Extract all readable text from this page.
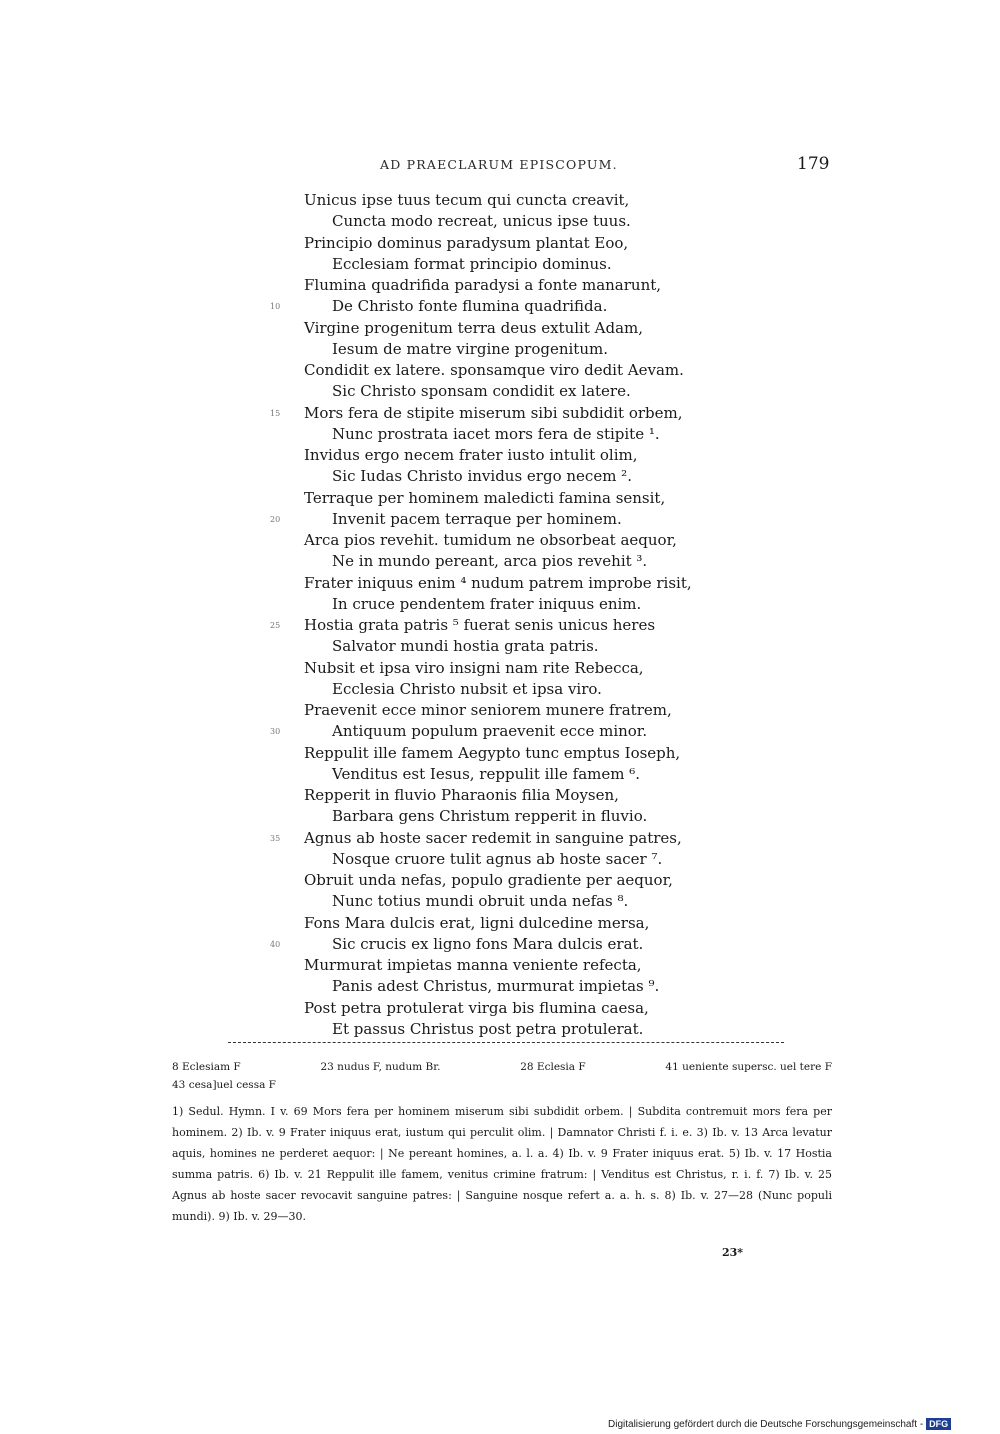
AD PRAECLARUM EPISCOPUM.	179
Unicus ipse tuus tecum qui cuncta creavit,
Cuncta modo recreat, unicus ipse tuus.
Principio dominus paradysum plantat Eoo,
Ecclesiam format principio dominus.
Flumina quadrifida paradysi a fonte manarunt,
10	De Christo fonte flumina quadrifida.
Virgine progenitum terra deus extulit Adam,
Iesum de matre virgine progenitum.
Condidit ex latere. sponsamque viro dedit Aevam.
Sic Christo sponsam condidit ex latere.
15 Mors fera de stipite miserum sibi subdidit orbem,
Nunc prostrata iacet mors fera de stipite ¹.
Invidus ergo necem frater iusto intulit olim,
Sic Iudas Christo invidus ergo necem ².
Terraque per hominem maledicti famina sensit,
20	Invenit pacem terraque per hominem.
Arca pios revehit. tumidum ne obsorbeat aequor,
Ne in mundo pereant, arca pios revehit ³.
Frater iniquus enim ⁴ nudum patrem improbe risit,
In cruce pendentem frater iniquus enim.
25 Hostia grata patris ⁵ fuerat senis unicus heres
Salvator mundi hostia grata patris.
Nubsit et ipsa viro insigni nam rite Rebecca,
Ecclesia Christo nubsit et ipsa viro.
Praevenit ecce minor seniorem munere fratrem,
30	Antiquum populum praevenit ecce minor.
Reppulit ille famem Aegypto tunc emptus Ioseph,
Venditus est Iesus, reppulit ille famem ⁶.
Repperit in fluvio Pharaonis filia Moysen,
Barbara gens Christum repperit in fluvio.
35 Agnus ab hoste sacer redemit in sanguine patres,
Nosque cruore tulit agnus ab hoste sacer ⁷.
Obruit unda nefas, populo gradiente per aequor,
Nunc totius mundi obruit unda nefas ⁸.
Fons Mara dulcis erat, ligni dulcedine mersa,
40	Sic crucis ex ligno fons Mara dulcis erat.
Murmurat impietas manna veniente refecta,
Panis adest Christus, murmurat impietas ⁹.
Post petra protulerat virga bis flumina caesa,
Et passus Christus post petra protulerat.
8 Eclesiam F	23 nudus F, nudum Br.	28 Eclesia F	41 ueniente supersc. uel tere F
43 cesa]uel cessa F

1) Sedul. Hymn. I v. 69 Mors fera per hominem miserum sibi subdidit orbem. | Subdita contremuit mors fera per hominem. 2) Ib. v. 9 Frater iniquus erat, iustum qui perculit olim. | Damnator Christi f. i. e. 3) Ib. v. 13 Arca levatur aquis, homines ne perderet aequor: | Ne pereant homines, a. l. a. 4) Ib. v. 9 Frater iniquus erat. 5) Ib. v. 17 Hostia summa patris. 6) Ib. v. 21 Reppulit ille famem, venitus crimine fratrum: | Venditus est Christus, r. i. f. 7) Ib. v. 25 Agnus ab hoste sacer revocavit sanguine patres: | Sanguine nosque refert a. a. h. s. 8) Ib. v. 27—28 (Nunc populi mundi). 9) Ib. v. 29—30.

23*
Digitalisierung gefördert durch die Deutsche Forschungsgemeinschaft - DFG
